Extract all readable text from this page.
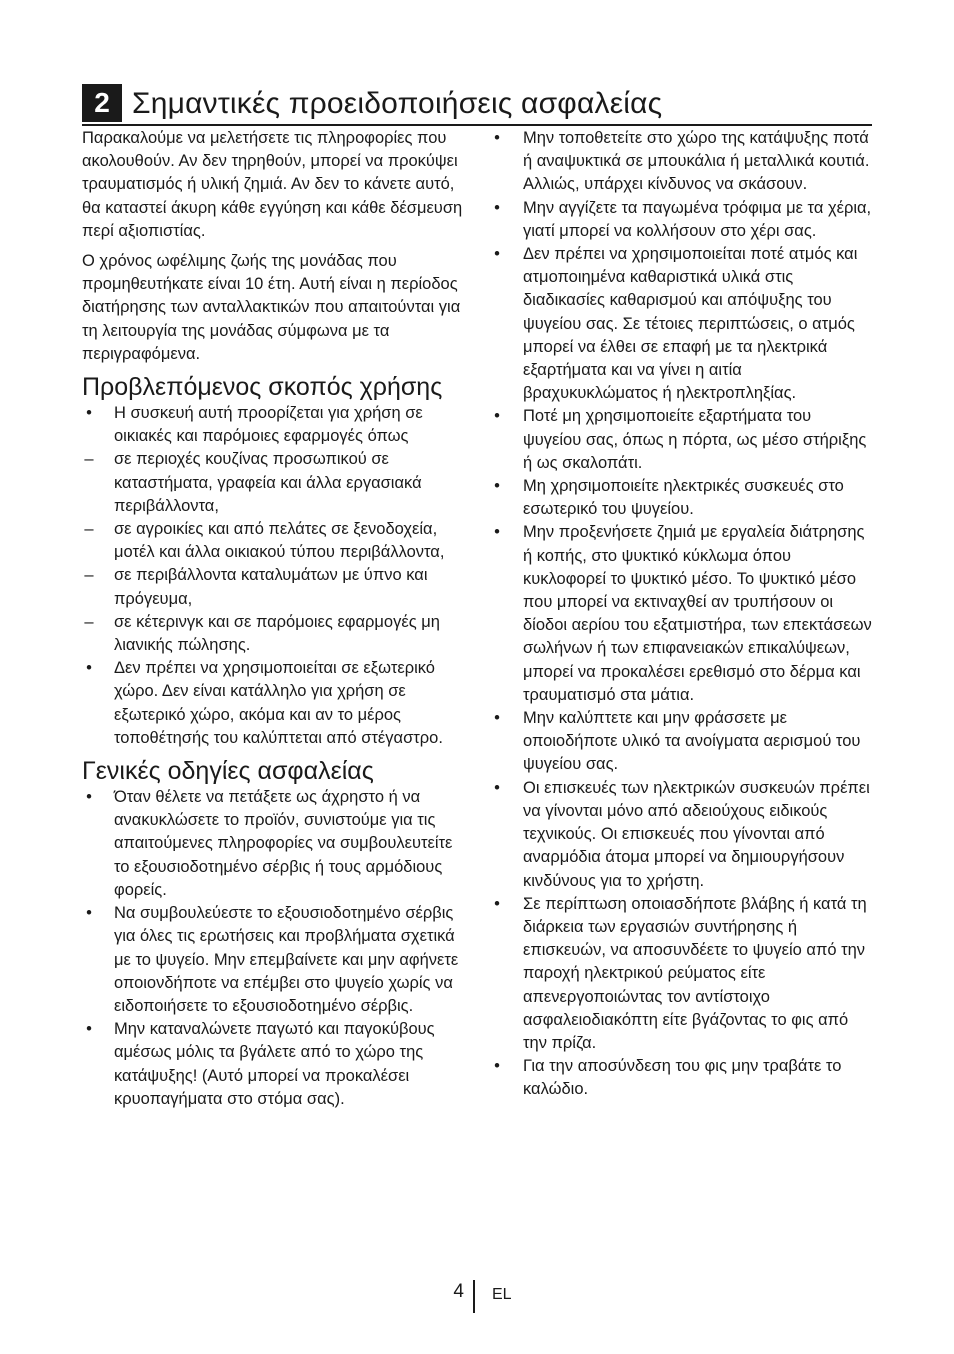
2 Σημαντικές προειδοποιήσεις ασφαλείας

Παρακαλούμε να μελετήσετε τις πληροφορίες που ακολουθούν. Αν δεν τηρηθούν, μπορεί να προκύψει τραυματισμός ή υλική ζημιά. Αν δεν το κάνετε αυτό, θα καταστεί άκυρη κάθε εγγύηση και κάθε δέσμευση περί αξιοπιστίας.

Ο χρόνος ωφέλιμης ζωής της μονάδας που προμηθευτήκατε είναι 10 έτη. Αυτή είναι η περίοδος διατήρησης των ανταλλακτικών που απαιτούνται για τη λειτουργία της μονάδας σύμφωνα με τα περιγραφόμενα.

Προβλεπόμενος σκοπός χρήσης
• Η συσκευή αυτή προορίζεται για χρήση σε οικιακές και παρόμοιες εφαρμογές όπως
– σε περιοχές κουζίνας προσωπικού σε καταστήματα, γραφεία και άλλα εργασιακά περιβάλλοντα,
– σε αγροικίες και από πελάτες σε ξενοδοχεία, μοτέλ και άλλα οικιακού τύπου περιβάλλοντα,
– σε περιβάλλοντα καταλυμάτων με ύπνο και πρόγευμα,
– σε κέτερινγκ και σε παρόμοιες εφαρμογές μη λιανικής πώλησης.
• Δεν πρέπει να χρησιμοποιείται σε εξωτερικό χώρο. Δεν είναι κατάλληλο για χρήση σε εξωτερικό χώρο, ακόμα και αν το μέρος τοποθέτησής του καλύπτεται από στέγαστρο.
Γενικές οδηγίες ασφαλείας
• Όταν θέλετε να πετάξετε ως άχρηστο ή να ανακυκλώσετε το προϊόν, συνιστούμε για τις απαιτούμενες πληροφορίες να συμβουλευτείτε το εξουσιοδοτημένο σέρβις ή τους αρμόδιους φορείς.
• Να συμβουλεύεστε το εξουσιοδοτημένο σέρβις για όλες τις ερωτήσεις και προβλήματα σχετικά με το ψυγείο. Μην επεμβαίνετε και μην αφήνετε οποιονδήποτε να επέμβει στο ψυγείο χωρίς να ειδοποιήσετε το εξουσιοδοτημένο σέρβις.
• Μην καταναλώνετε παγωτό και παγοκύβους αμέσως μόλις τα βγάλετε από το χώρο της κατάψυξης! (Αυτό μπορεί να προκαλέσει κρυοπαγήματα στο στόμα σας).
• Μην τοποθετείτε στο χώρο της κατάψυξης ποτά ή αναψυκτικά σε μπουκάλια ή μεταλλικά κουτιά. Αλλιώς, υπάρχει κίνδυνος να σκάσουν.
• Μην αγγίζετε τα παγωμένα τρόφιμα με τα χέρια, γιατί μπορεί να κολλήσουν στο χέρι σας.
• Δεν πρέπει να χρησιμοποιείται ποτέ ατμός και ατμοποιημένα καθαριστικά υλικά στις διαδικασίες καθαρισμού και απόψυξης του ψυγείου σας. Σε τέτοιες περιπτώσεις, ο ατμός μπορεί να έλθει σε επαφή με τα ηλεκτρικά εξαρτήματα και να γίνει η αιτία βραχυκυκλώματος ή ηλεκτροπληξίας.
• Ποτέ μη χρησιμοποιείτε εξαρτήματα του ψυγείου σας, όπως η πόρτα, ως μέσο στήριξης ή ως σκαλοπάτι.
• Μη χρησιμοποιείτε ηλεκτρικές συσκευές στο εσωτερικό του ψυγείου.
• Μην προξενήσετε ζημιά με εργαλεία διάτρησης ή κοπής, στο ψυκτικό κύκλωμα όπου κυκλοφορεί το ψυκτικό μέσο. Το ψυκτικό μέσο που μπορεί να εκτιναχθεί αν τρυπήσουν οι δίοδοι αερίου του εξατμιστήρα, των επεκτάσεων σωλήνων ή των επιφανειακών επικαλύψεων, μπορεί να προκαλέσει ερεθισμό στο δέρμα και τραυματισμό στα μάτια.
• Μην καλύπτετε και μην φράσσετε με οποιοδήποτε υλικό τα ανοίγματα αερισμού του ψυγείου σας.
• Οι επισκευές των ηλεκτρικών συσκευών πρέπει να γίνονται μόνο από αδειούχους ειδικούς τεχνικούς. Οι επισκευές που γίνονται από αναρμόδια άτομα μπορεί να δημιουργήσουν κινδύνους για το χρήστη.
• Σε περίπτωση οποιασδήποτε βλάβης ή κατά τη διάρκεια των εργασιών συντήρησης ή επισκευών, να αποσυνδέετε το ψυγείο από την παροχή ηλεκτρικού ρεύματος είτε απενεργοποιώντας τον αντίστοιχο ασφαλειοδιακόπτη είτε βγάζοντας το φις από την πρίζα.
• Για την αποσύνδεση του φις μην τραβάτε το καλώδιο.
4 EL
